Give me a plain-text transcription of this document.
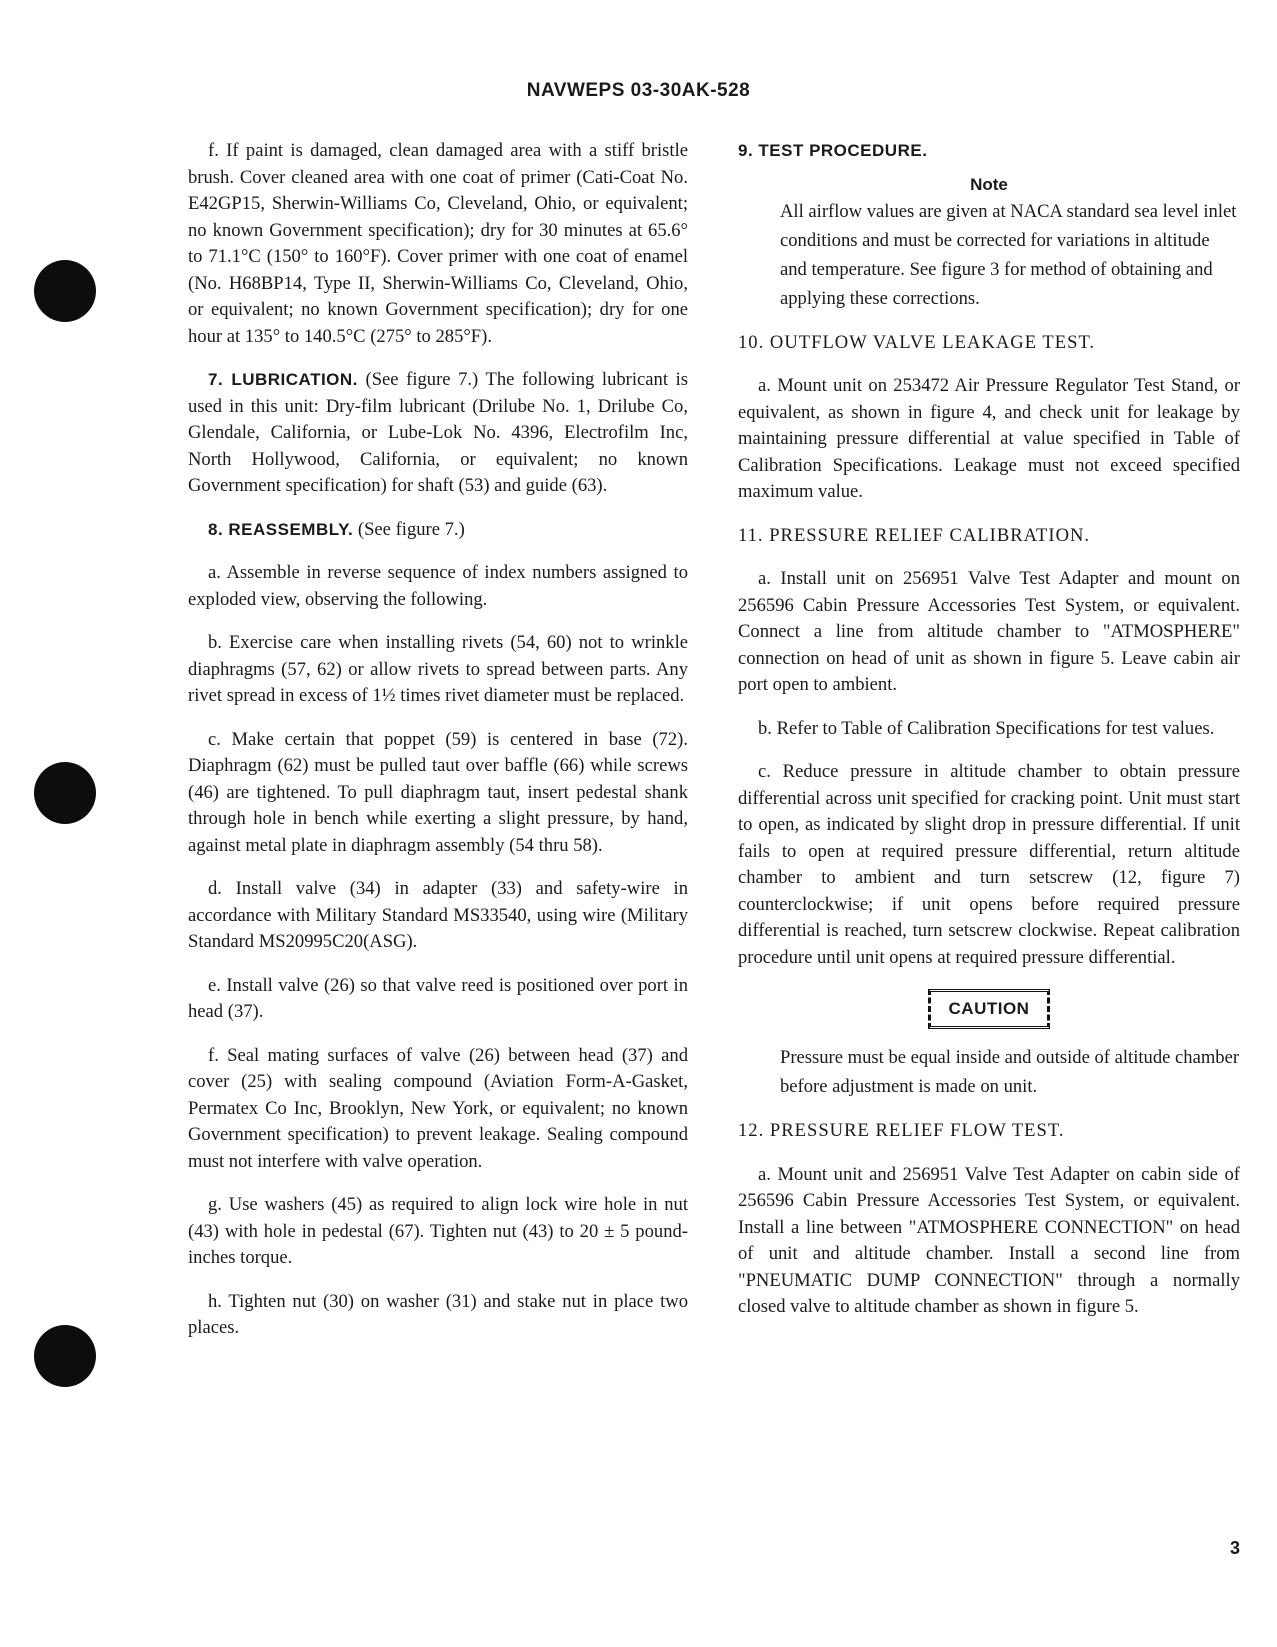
NAVWEPS 03-30AK-528

f. If paint is damaged, clean damaged area with a stiff bristle brush. Cover cleaned area with one coat of primer (Cati-Coat No. E42GP15, Sherwin-Williams Co, Cleveland, Ohio, or equivalent; no known Government specification); dry for 30 minutes at 65.6° to 71.1°C (150° to 160°F). Cover primer with one coat of enamel (No. H68BP14, Type II, Sherwin-Williams Co, Cleveland, Ohio, or equivalent; no known Government specification); dry for one hour at 135° to 140.5°C (275° to 285°F).

7. LUBRICATION. (See figure 7.) The following lubricant is used in this unit: Dry-film lubricant (Drilube No. 1, Drilube Co, Glendale, California, or Lube-Lok No. 4396, Electrofilm Inc, North Hollywood, California, or equivalent; no known Government specification) for shaft (53) and guide (63).

8. REASSEMBLY. (See figure 7.)

a. Assemble in reverse sequence of index numbers assigned to exploded view, observing the following.

b. Exercise care when installing rivets (54, 60) not to wrinkle diaphragms (57, 62) or allow rivets to spread between parts. Any rivet spread in excess of 1½ times rivet diameter must be replaced.

c. Make certain that poppet (59) is centered in base (72). Diaphragm (62) must be pulled taut over baffle (66) while screws (46) are tightened. To pull diaphragm taut, insert pedestal shank through hole in bench while exerting a slight pressure, by hand, against metal plate in diaphragm assembly (54 thru 58).

d. Install valve (34) in adapter (33) and safety-wire in accordance with Military Standard MS33540, using wire (Military Standard MS20995C20(ASG).

e. Install valve (26) so that valve reed is positioned over port in head (37).

f. Seal mating surfaces of valve (26) between head (37) and cover (25) with sealing compound (Aviation Form-A-Gasket, Permatex Co Inc, Brooklyn, New York, or equivalent; no known Government specification) to prevent leakage. Sealing compound must not interfere with valve operation.

g. Use washers (45) as required to align lock wire hole in nut (43) with hole in pedestal (67). Tighten nut (43) to 20 ± 5 pound-inches torque.

h. Tighten nut (30) on washer (31) and stake nut in place two places.

9. TEST PROCEDURE.

Note

All airflow values are given at NACA standard sea level inlet conditions and must be corrected for variations in altitude and temperature. See figure 3 for method of obtaining and applying these corrections.

10. OUTFLOW VALVE LEAKAGE TEST.

a. Mount unit on 253472 Air Pressure Regulator Test Stand, or equivalent, as shown in figure 4, and check unit for leakage by maintaining pressure differential at value specified in Table of Calibration Specifications. Leakage must not exceed specified maximum value.

11. PRESSURE RELIEF CALIBRATION.

a. Install unit on 256951 Valve Test Adapter and mount on 256596 Cabin Pressure Accessories Test System, or equivalent. Connect a line from altitude chamber to "ATMOSPHERE" connection on head of unit as shown in figure 5. Leave cabin air port open to ambient.

b. Refer to Table of Calibration Specifications for test values.

c. Reduce pressure in altitude chamber to obtain pressure differential across unit specified for cracking point. Unit must start to open, as indicated by slight drop in pressure differential. If unit fails to open at required pressure differential, return altitude chamber to ambient and turn setscrew (12, figure 7) counterclockwise; if unit opens before required pressure differential is reached, turn setscrew clockwise. Repeat calibration procedure until unit opens at required pressure differential.

CAUTION

Pressure must be equal inside and outside of altitude chamber before adjustment is made on unit.

12. PRESSURE RELIEF FLOW TEST.

a. Mount unit and 256951 Valve Test Adapter on cabin side of 256596 Cabin Pressure Accessories Test System, or equivalent. Install a line between "ATMOSPHERE CONNECTION" on head of unit and altitude chamber. Install a second line from "PNEUMATIC DUMP CONNECTION" through a normally closed valve to altitude chamber as shown in figure 5.

3
